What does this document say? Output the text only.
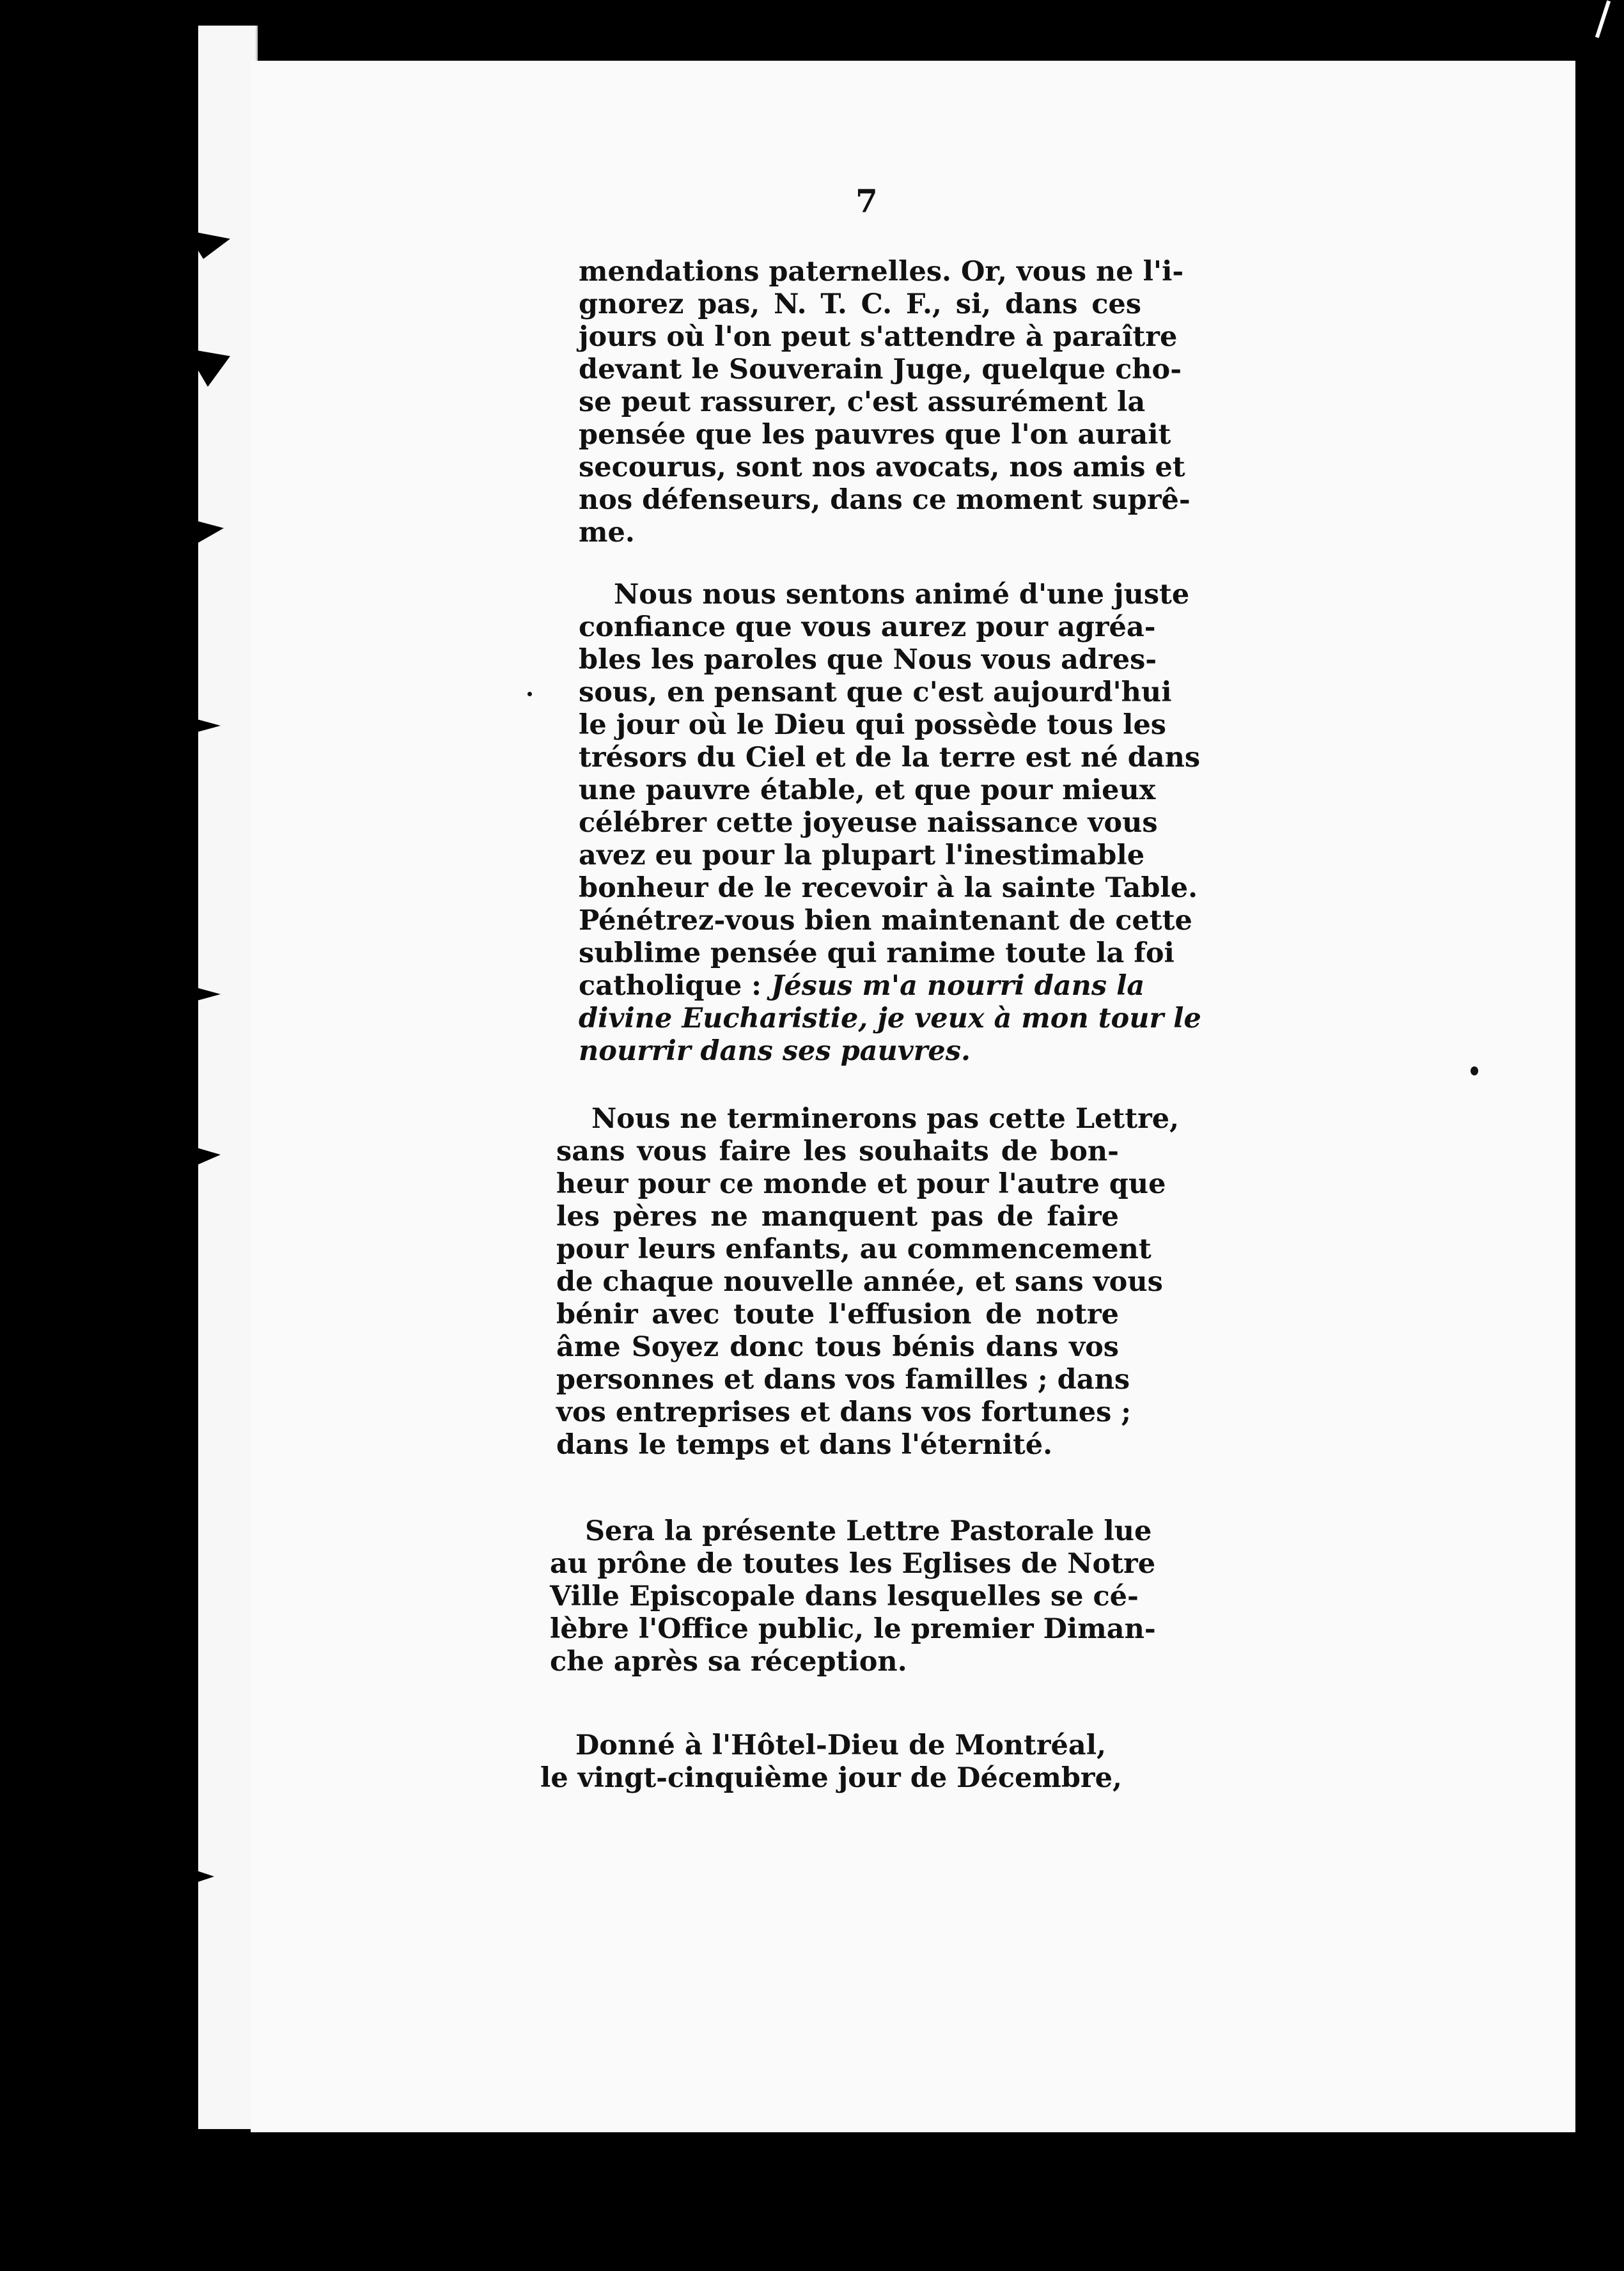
7
mendations paternelles. Or, vous ne l'i-
gnorez pas, N. T. C. F., si, dans ces
jours où l'on peut s'attendre à paraître
devant le Souverain Juge, quelque cho-
se peut rassurer, c'est assurément la
pensée que les pauvres que l'on aurait
secourus, sont nos avocats, nos amis et
nos défenseurs, dans ce moment suprê-
me.
Nous nous sentons animé d'une juste
confiance que vous aurez pour agréa-
bles les paroles que Nous vous adres-
sous, en pensant que c'est aujourd'hui
le jour où le Dieu qui possède tous les
trésors du Ciel et de la terre est né dans
une pauvre étable, et que pour mieux
célébrer cette joyeuse naissance vous
avez eu pour la plupart l'inestimable
bonheur de le recevoir à la sainte Table.
Pénétrez-vous bien maintenant de cette
sublime pensée qui ranime toute la foi
catholique : Jésus m'a nourri dans la
divine Eucharistie, je veux à mon tour le
nourrir dans ses pauvres.
Nous ne terminerons pas cette Lettre,
sans vous faire les souhaits de bon-
heur pour ce monde et pour l'autre que
les pères ne manquent pas de faire
pour leurs enfants, au commencement
de chaque nouvelle année, et sans vous
bénir avec toute l'effusion de notre
âme Soyez donc tous bénis dans vos
personnes et dans vos familles ; dans
vos entreprises et dans vos fortunes ;
dans le temps et dans l'éternité.
Sera la présente Lettre Pastorale lue
au prône de toutes les Eglises de Notre
Ville Episcopale dans lesquelles se cé-
lèbre l'Office public, le premier Diman-
che après sa réception.
Donné à l'Hôtel-Dieu de Montréal,
le vingt-cinquième jour de Décembre,
